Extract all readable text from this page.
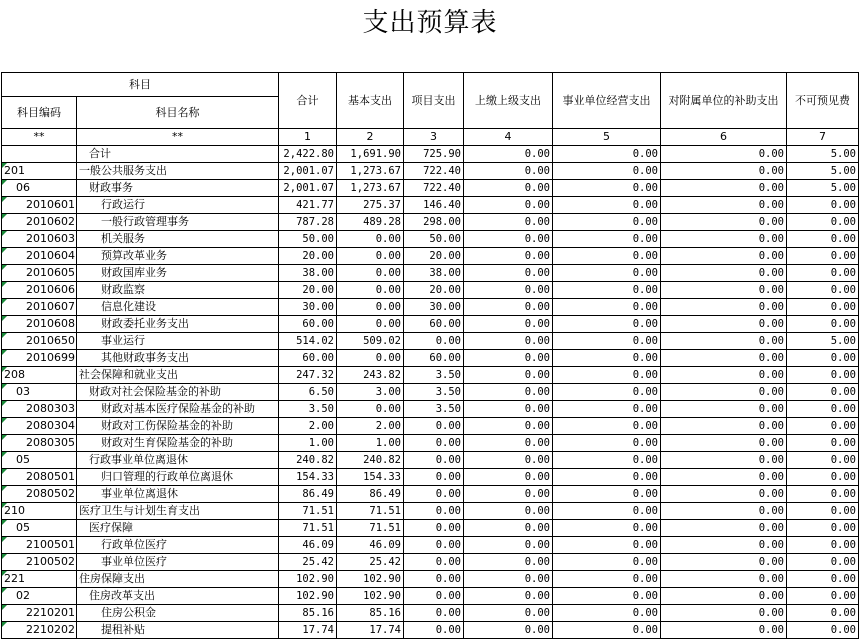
支出预算表
科目		合计	基本支出	项目支出	上缴上级支出	事业单位经营支出	对附属单位的补助支出	不可预见费
科目编码	科目名称							
**	**	1	2	3	4	5	6	7
	合计	2,422.80	1,691.90	725.90	0.00	0.00	0.00	5.00
201	一般公共服务支出	2,001.07	1,273.67	722.40	0.00	0.00	0.00	5.00
06	财政事务	2,001.07	1,273.67	722.40	0.00	0.00	0.00	5.00
2010601	行政运行	421.77	275.37	146.40	0.00	0.00	0.00	0.00
2010602	一般行政管理事务	787.28	489.28	298.00	0.00	0.00	0.00	0.00
2010603	机关服务	50.00	0.00	50.00	0.00	0.00	0.00	0.00
2010604	预算改革业务	20.00	0.00	20.00	0.00	0.00	0.00	0.00
2010605	财政国库业务	38.00	0.00	38.00	0.00	0.00	0.00	0.00
2010606	财政监察	20.00	0.00	20.00	0.00	0.00	0.00	0.00
2010607	信息化建设	30.00	0.00	30.00	0.00	0.00	0.00	0.00
2010608	财政委托业务支出	60.00	0.00	60.00	0.00	0.00	0.00	0.00
2010650	事业运行	514.02	509.02	0.00	0.00	0.00	0.00	5.00
2010699	其他财政事务支出	60.00	0.00	60.00	0.00	0.00	0.00	0.00
208	社会保障和就业支出	247.32	243.82	3.50	0.00	0.00	0.00	0.00
03	财政对社会保险基金的补助	6.50	3.00	3.50	0.00	0.00	0.00	0.00
2080303	财政对基本医疗保险基金的补助	3.50	0.00	3.50	0.00	0.00	0.00	0.00
2080304	财政对工伤保险基金的补助	2.00	2.00	0.00	0.00	0.00	0.00	0.00
2080305	财政对生育保险基金的补助	1.00	1.00	0.00	0.00	0.00	0.00	0.00
05	行政事业单位离退休	240.82	240.82	0.00	0.00	0.00	0.00	0.00
2080501	归口管理的行政单位离退休	154.33	154.33	0.00	0.00	0.00	0.00	0.00
2080502	事业单位离退休	86.49	86.49	0.00	0.00	0.00	0.00	0.00
210	医疗卫生与计划生育支出	71.51	71.51	0.00	0.00	0.00	0.00	0.00
05	医疗保障	71.51	71.51	0.00	0.00	0.00	0.00	0.00
2100501	行政单位医疗	46.09	46.09	0.00	0.00	0.00	0.00	0.00
2100502	事业单位医疗	25.42	25.42	0.00	0.00	0.00	0.00	0.00
221	住房保障支出	102.90	102.90	0.00	0.00	0.00	0.00	0.00
02	住房改革支出	102.90	102.90	0.00	0.00	0.00	0.00	0.00
2210201	住房公积金	85.16	85.16	0.00	0.00	0.00	0.00	0.00
2210202	提租补贴	17.74	17.74	0.00	0.00	0.00	0.00	0.00
